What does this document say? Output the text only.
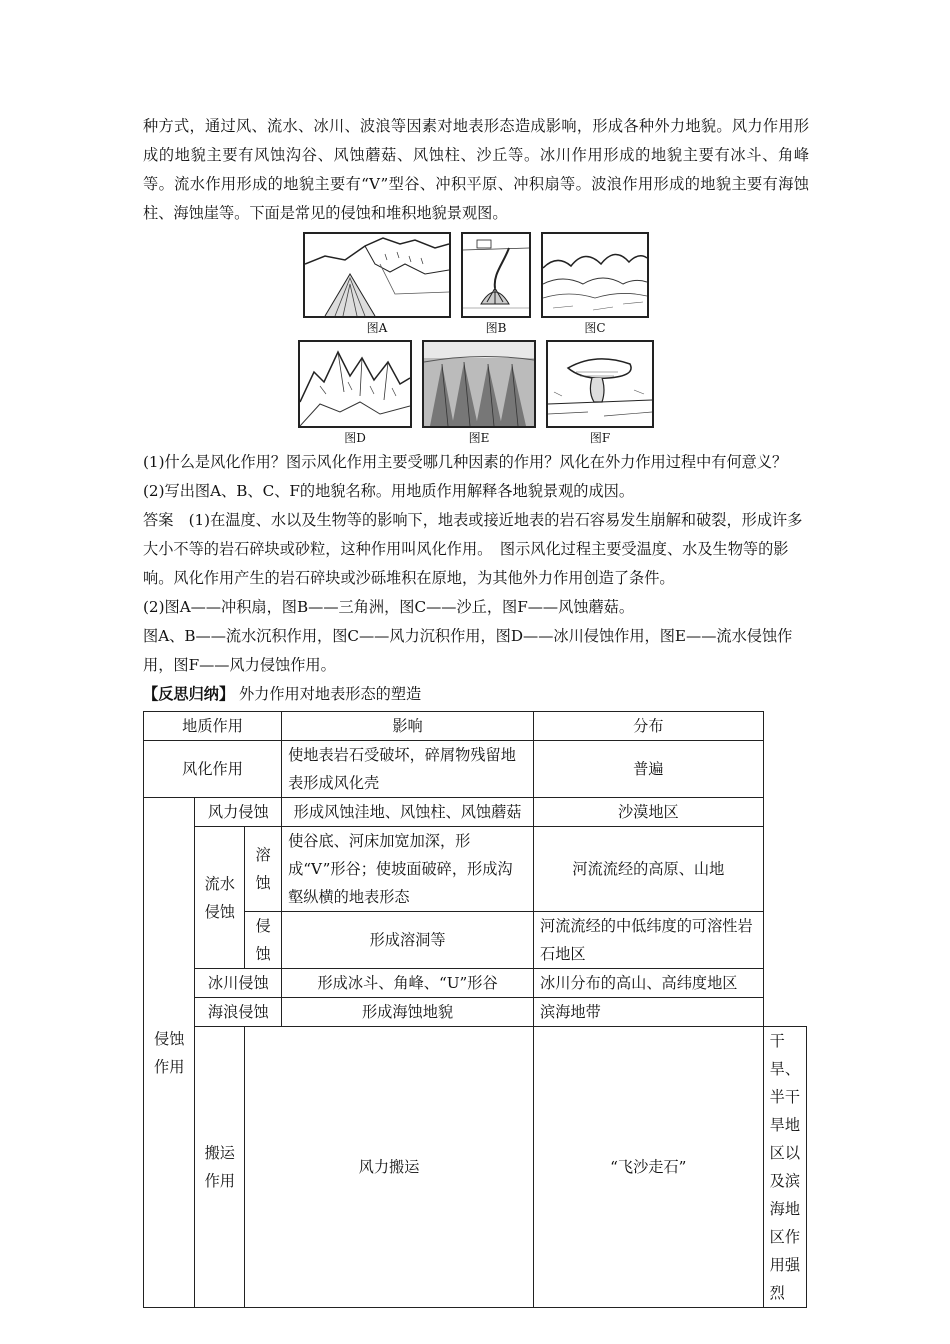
种方式，通过风、流水、冰川、波浪等因素对地表形态造成影响，形成各种外力地貌。风力作用形成的地貌主要有风蚀沟谷、风蚀蘑菇、风蚀柱、沙丘等。冰川作用形成的地貌主要有冰斗、角峰等。流水作用形成的地貌主要有“V”型谷、冲积平原、冲积扇等。波浪作用形成的地貌主要有海蚀柱、海蚀崖等。下面是常见的侵蚀和堆积地貌景观图。

图A	图B	图C
图D	图E	图F

(1)什么是风化作用？图示风化作用主要受哪几种因素的作用？风化在外力作用过程中有何意义？

(2)写出图A、B、C、F的地貌名称。用地质作用解释各地貌景观的成因。

答案　 (1)在温度、水以及生物等的影响下，地表或接近地表的岩石容易发生崩解和破裂，形成许多大小不等的岩石碎块或砂粒，这种作用叫风化作用。　图示风化过程主要受温度、水及生物等的影响。风化作用产生的岩石碎块或沙砾堆积在原地，为其他外力作用创造了条件。

(2)图A——冲积扇，图B——三角洲，图C——沙丘，图F——风蚀蘑菇。

图A、B——流水沉积作用，图C——风力沉积作用，图D——冰川侵蚀作用，图E——流水侵蚀作用，图F——风力侵蚀作用。

【反思归纳】 外力作用对地表形态的塑造

地质作用			影响	分布	
风化作用			使地表岩石受破坏，碎屑物残留地表形成风化壳	普遍	
侵蚀作用	风力侵蚀		形成风蚀洼地、风蚀柱、风蚀蘑菇	沙漠地区	
	流水侵蚀	溶蚀	使谷底、河床加宽加深，形成“V”形谷；使坡面破碎，形成沟壑纵横的地表形态	河流流经的高原、山地	
		侵蚀	形成溶洞等	河流流经的中低纬度的可溶性岩石地区	
	冰川侵蚀		形成冰斗、角峰、“U”形谷	冰川分布的高山、高纬度地区	
	海浪侵蚀		形成海蚀地貌	滨海地带	
	搬运作用	风力搬运		“飞沙走石”	干旱、半干旱地区以及滨海地区作用强烈
